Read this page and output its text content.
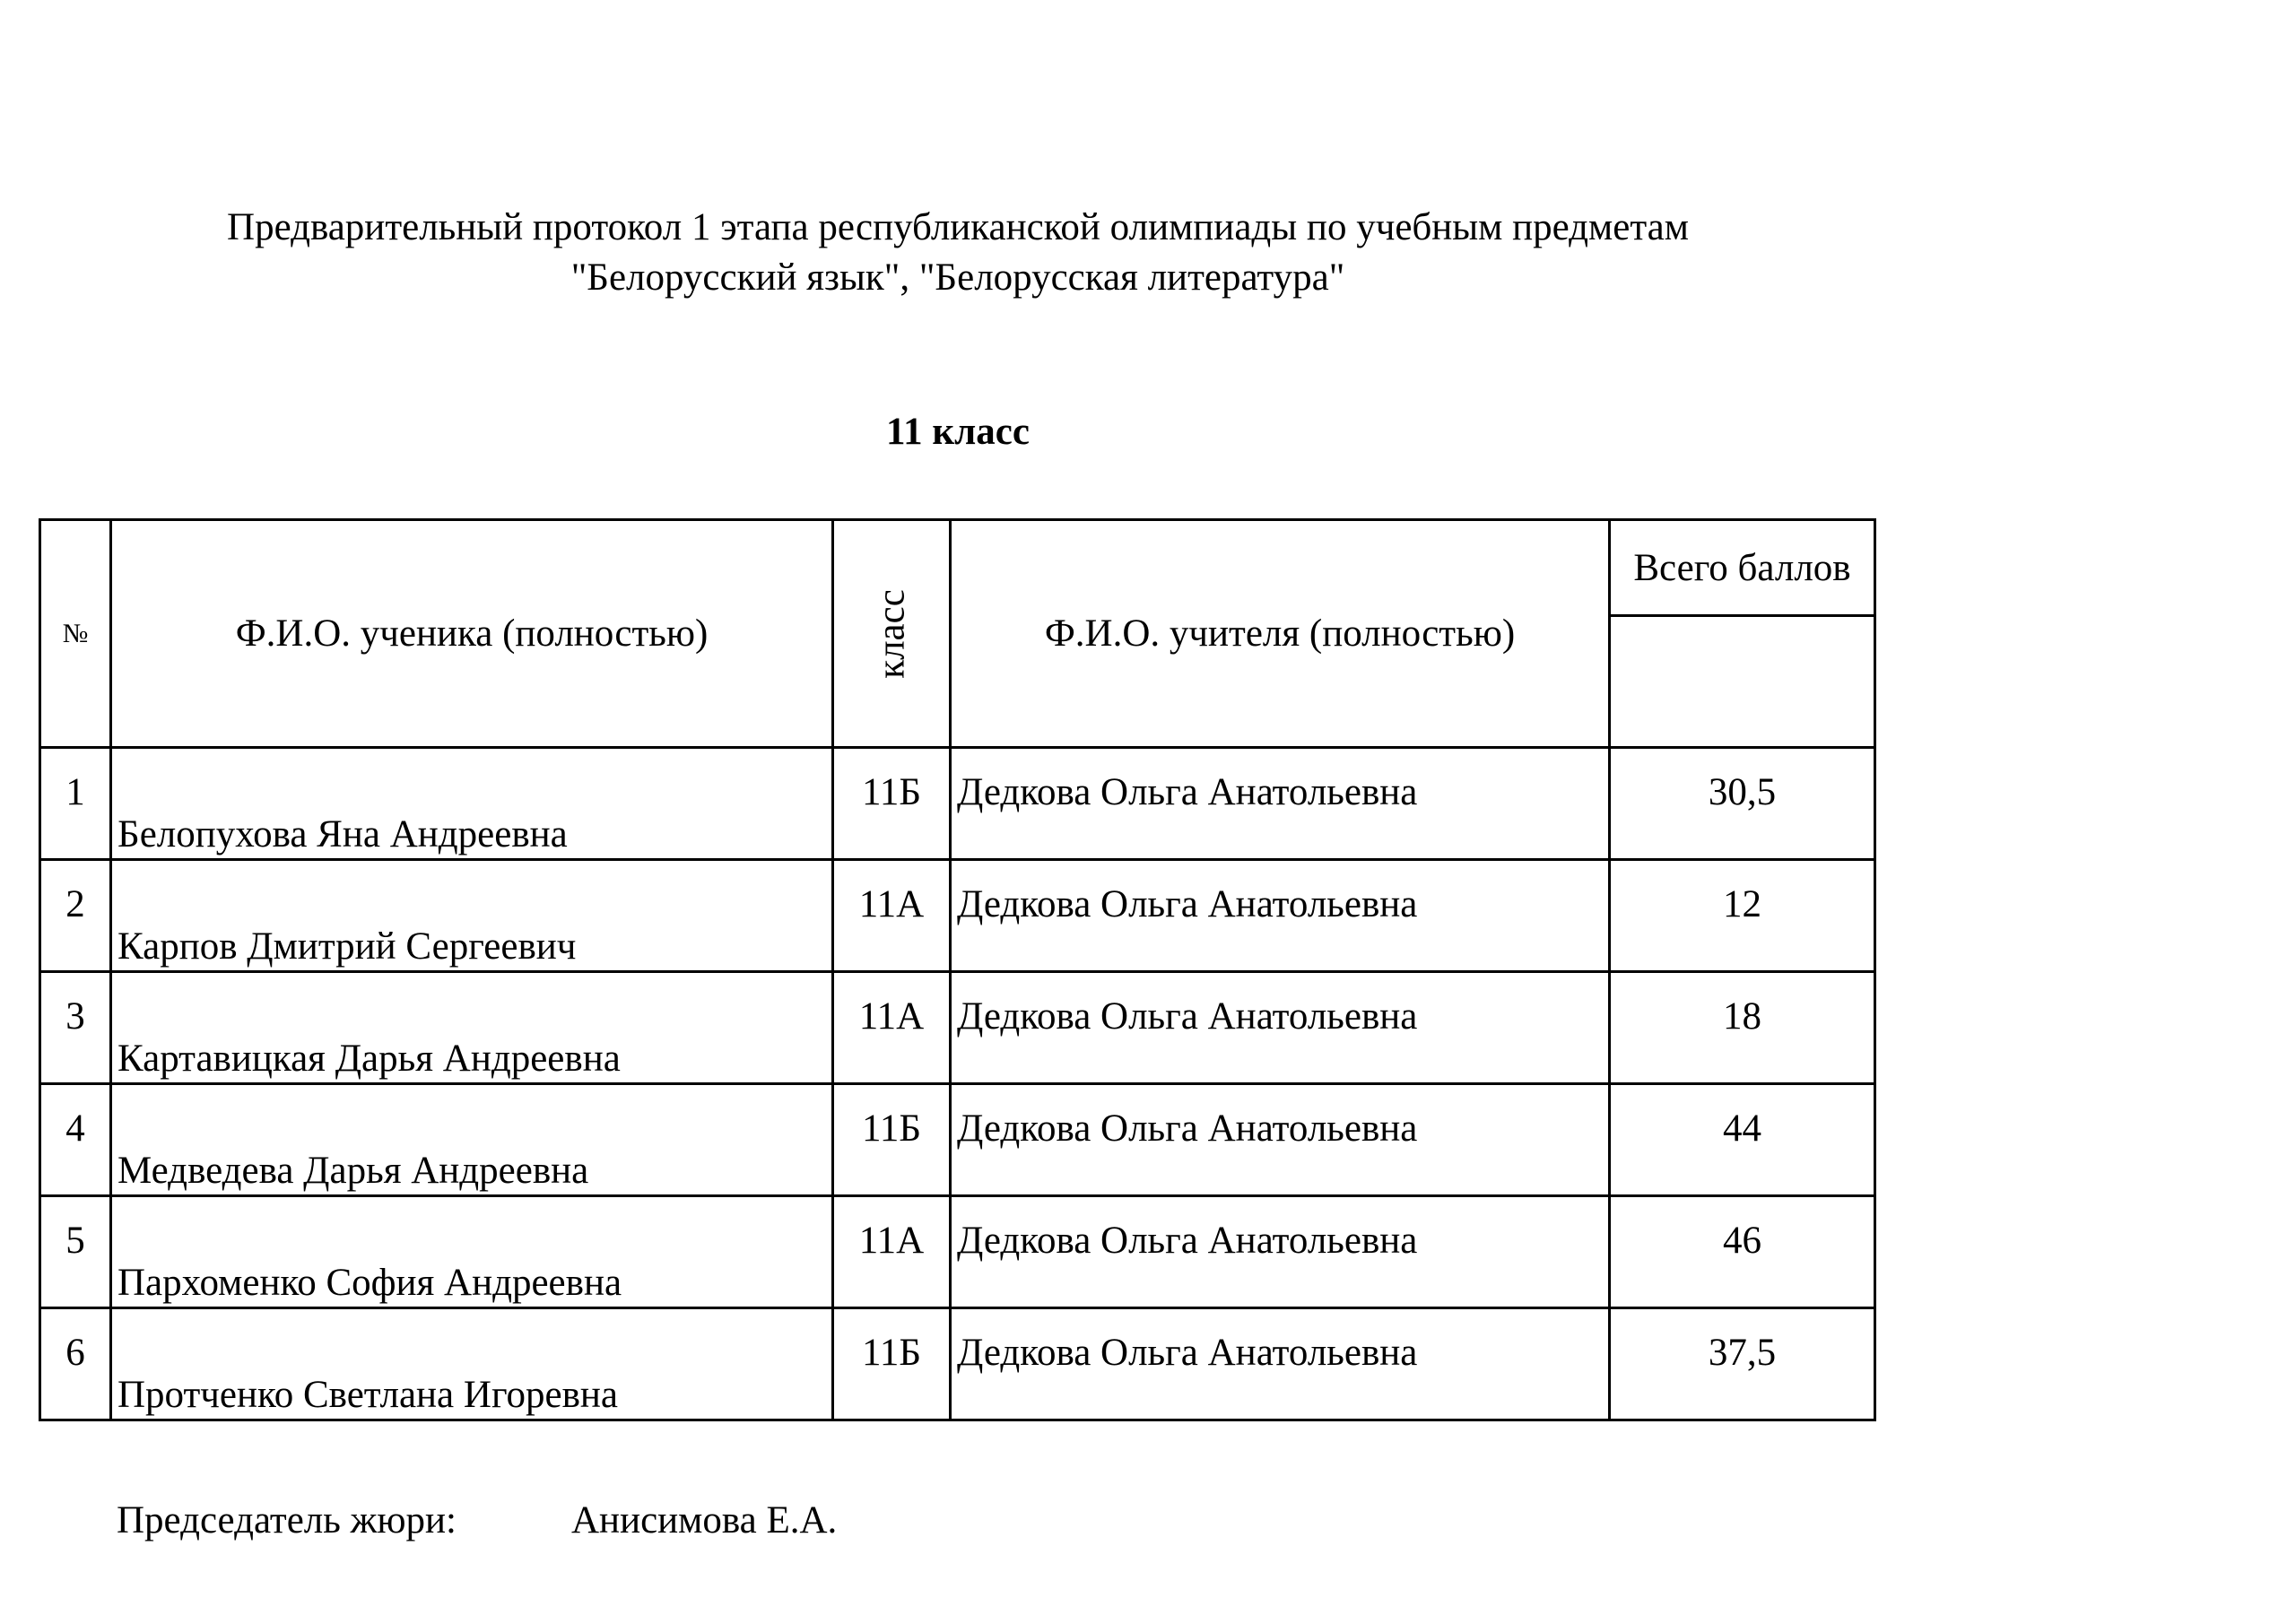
Предварительный протокол 1 этапа республиканской олимпиады по учебным предметам
"Белорусский язык", "Белорусская литература"
11 класс
№	Ф.И.О. ученика (полностью)	класс	Ф.И.О. учителя (полностью)	Всего баллов

1	Белопухова Яна Андреевна	11Б	Дедкова Ольга Анатольевна	30,5
2	Карпов Дмитрий Сергеевич	11А	Дедкова Ольга Анатольевна	12
3	Картавицкая Дарья Андреевна	11А	Дедкова Ольга Анатольевна	18
4	Медведева Дарья Андреевна	11Б	Дедкова Ольга Анатольевна	44
5	Пархоменко София Андреевна	11А	Дедкова Ольга Анатольевна	46
6	Протченко Светлана Игоревна	11Б	Дедкова Ольга Анатольевна	37,5
Председатель жюри:	Анисимова Е.А.
